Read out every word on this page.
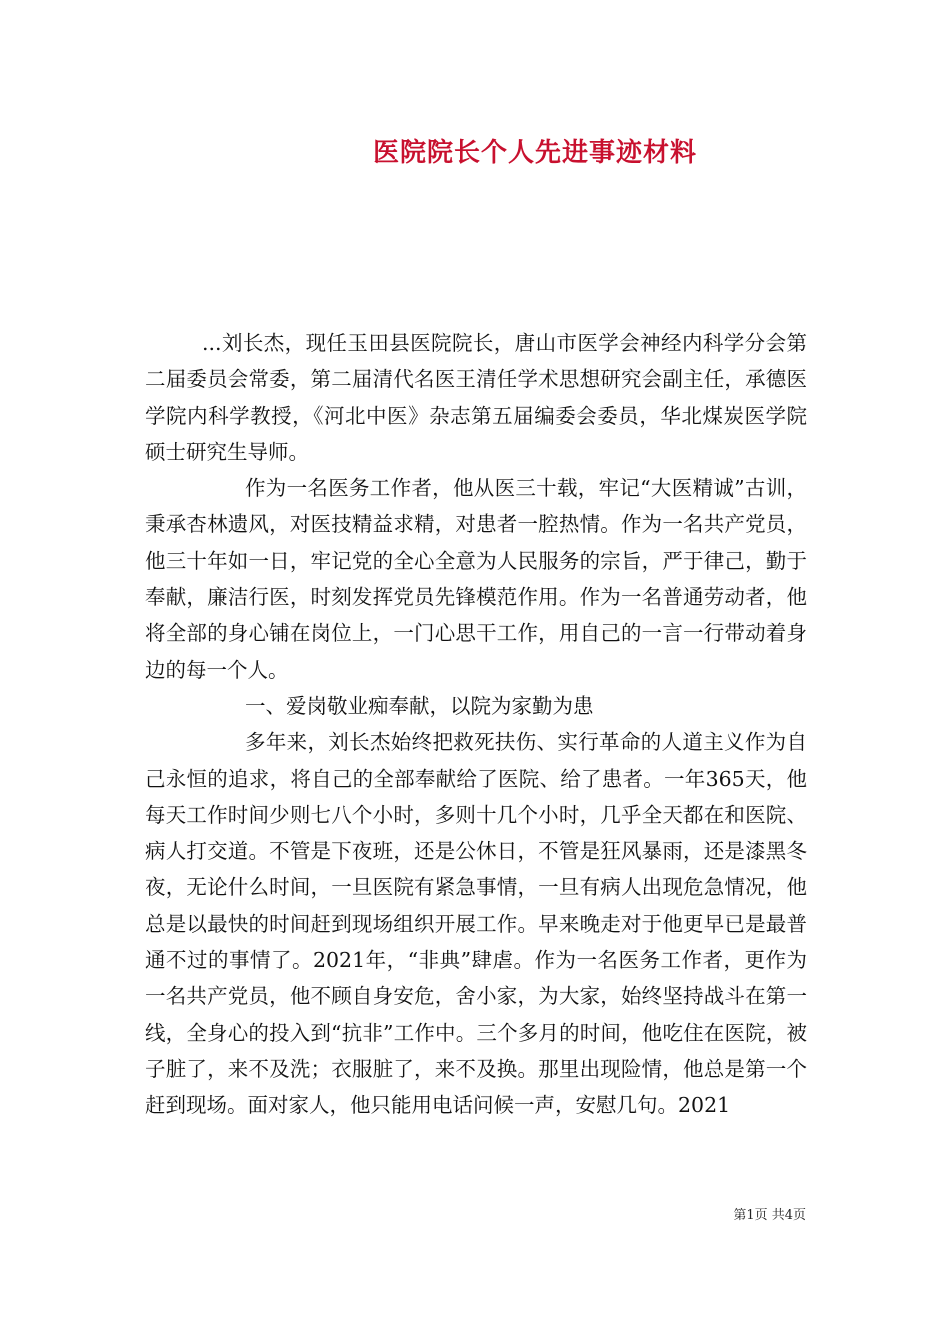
医院院长个人先进事迹材料

...刘长杰，现任玉田县医院院长，唐山市医学会神经内科学分会第二届委员会常委，第二届清代名医王清任学术思想研究会副主任，承德医学院内科学教授，《河北中医》杂志第五届编委会委员，华北煤炭医学院硕士研究生导师。

作为一名医务工作者，他从医三十载，牢记“大医精诚”古训，秉承杏林遗风，对医技精益求精，对患者一腔热情。作为一名共产党员，他三十年如一日，牢记党的全心全意为人民服务的宗旨，严于律己，勤于奉献，廉洁行医，时刻发挥党员先锋模范作用。作为一名普通劳动者，他将全部的身心铺在岗位上，一门心思干工作，用自己的一言一行带动着身边的每一个人。

一、爱岗敬业痴奉献，以院为家勤为患

多年来，刘长杰始终把救死扶伤、实行革命的人道主义作为自己永恒的追求，将自己的全部奉献给了医院、给了患者。一年365天，他每天工作时间少则七八个小时，多则十几个小时，几乎全天都在和医院、病人打交道。不管是下夜班，还是公休日，不管是狂风暴雨，还是漆黑冬夜，无论什么时间，一旦医院有紧急事情，一旦有病人出现危急情况，他总是以最快的时间赶到现场组织开展工作。早来晚走对于他更早已是最普通不过的事情了。2021年，“非典”肆虐。作为一名医务工作者，更作为一名共产党员，他不顾自身安危，舍小家，为大家，始终坚持战斗在第一线，全身心的投入到“抗非”工作中。三个多月的时间，他吃住在医院，被子脏了，来不及洗；衣服脏了，来不及换。那里出现险情，他总是第一个赶到现场。面对家人，他只能用电话问候一声，安慰几句。2021

第1页 共4页
